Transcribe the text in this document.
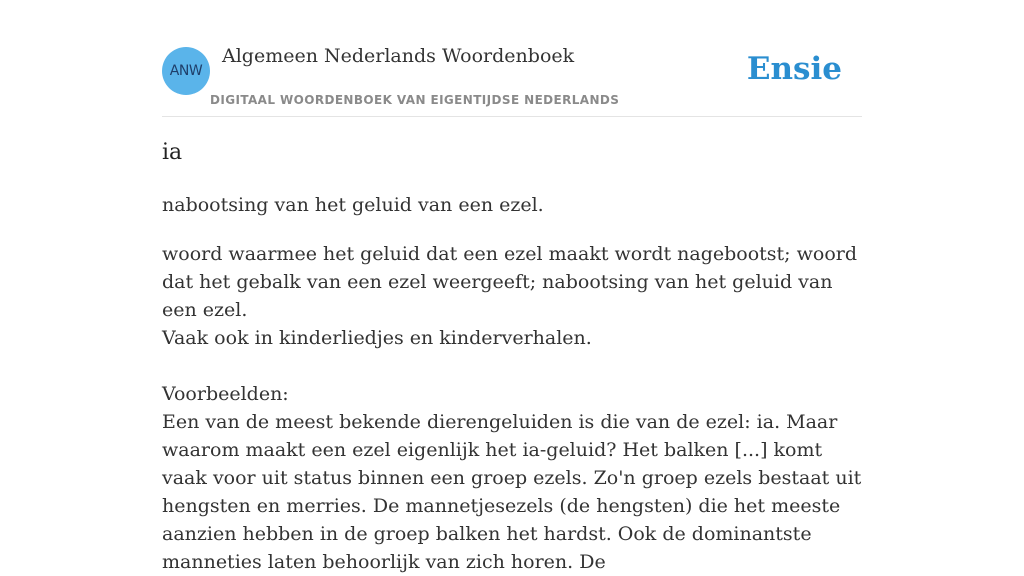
ANW
Algemeen Nederlands Woordenboek
DIGITAAL WOORDENBOEK VAN EIGENTIJDSE NEDERLANDS
Ensie
ia
nabootsing van het geluid van een ezel.

woord waarmee het geluid dat een ezel maakt wordt nagebootst; woord dat het gebalk van een ezel weergeeft; nabootsing van het geluid van een ezel.

Vaak ook in kinderliedjes en kinderverhalen.

Voorbeelden:

Een van de meest bekende dierengeluiden is die van de ezel: ia. Maar waarom maakt een ezel eigenlijk het ia-geluid? Het balken [...] komt vaak voor uit status binnen een groep ezels. Zo'n groep ezels bestaat uit hengsten en merries. De mannetjesezels (de hengsten) die het meeste aanzien hebben in de groep balken het hardst. Ook de dominantste manneties laten behoorlijk van zich horen. De
